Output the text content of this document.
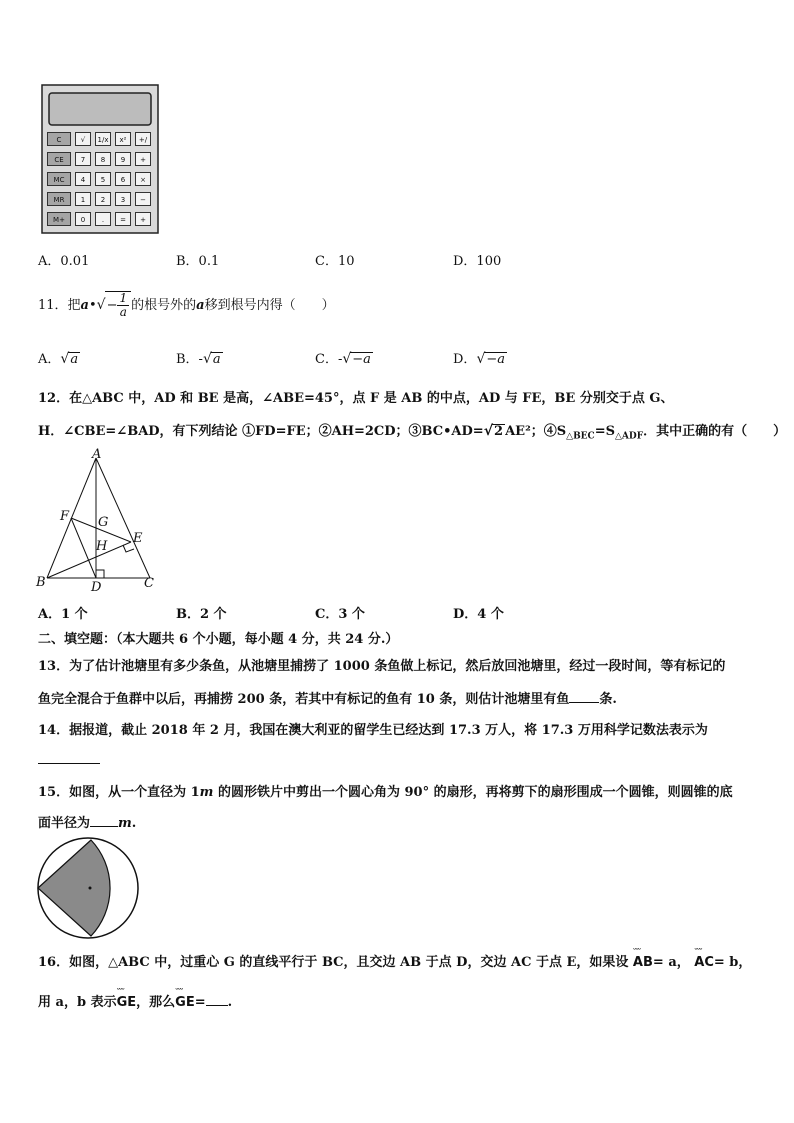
C	√	1/x	x²	+/
CE	7	8	9	+
MC	4	5	6	×
MR	1	2	3	−
M+	0	.	=	+
A．0.01	B．0.1	C．10	D．100
11．把a•√− $\frac{1}{a}$ 的根号外的a移到根号内得（　　）
A．√a	B．-√a	C．-√−a	D．√−a
12．在△ABC 中，AD 和 BE 是高，∠ABE=45°，点 F 是 AB 的中点，AD 与 FE，BE 分别交于点 G、
H．∠CBE=∠BAD，有下列结论 ①FD=FE；②AH=2CD；③BC•AD=√2 AE²；$④S_{\triangle BEC}=S_{\triangle ADF}$．其中正确的有（　　）
A
F G
E
H
B	D	C
A．1 个	B．2 个	C．3 个	D．4 个
二、填空题：（本大题共 6 个小题，每小题 4 分，共 24 分.）
13．为了估计池塘里有多少条鱼，从池塘里捕捞了 1000 条鱼做上标记，然后放回池塘里，经过一段时间，等有标记的
鱼完全混合于鱼群中以后，再捕捞 200 条，若其中有标记的鱼有 10 条，则估计池塘里有鱼 条.
14．据报道，截止 2018 年 2 月，我国在澳大利亚的留学生已经达到 17.3 万人，将 17.3 万用科学记数法表示为
15．如图，从一个直径为 1m 的圆形铁片中剪出一个圆心角为 90° 的扇形，再将剪下的扇形围成一个圆锥，则圆锥的底
面半径为 m.
16．如图，△ABC 中，过重心 G 的直线平行于 BC，且交边 AB 于点 D，交边 AC 于点 E，如果设 ᵕᵕᵕ AB= a， ᵕᵕᵕ AC= b，
用 a，b 表示ᵕᵕᵕ GE，那么ᵕᵕᵕ GE= .
